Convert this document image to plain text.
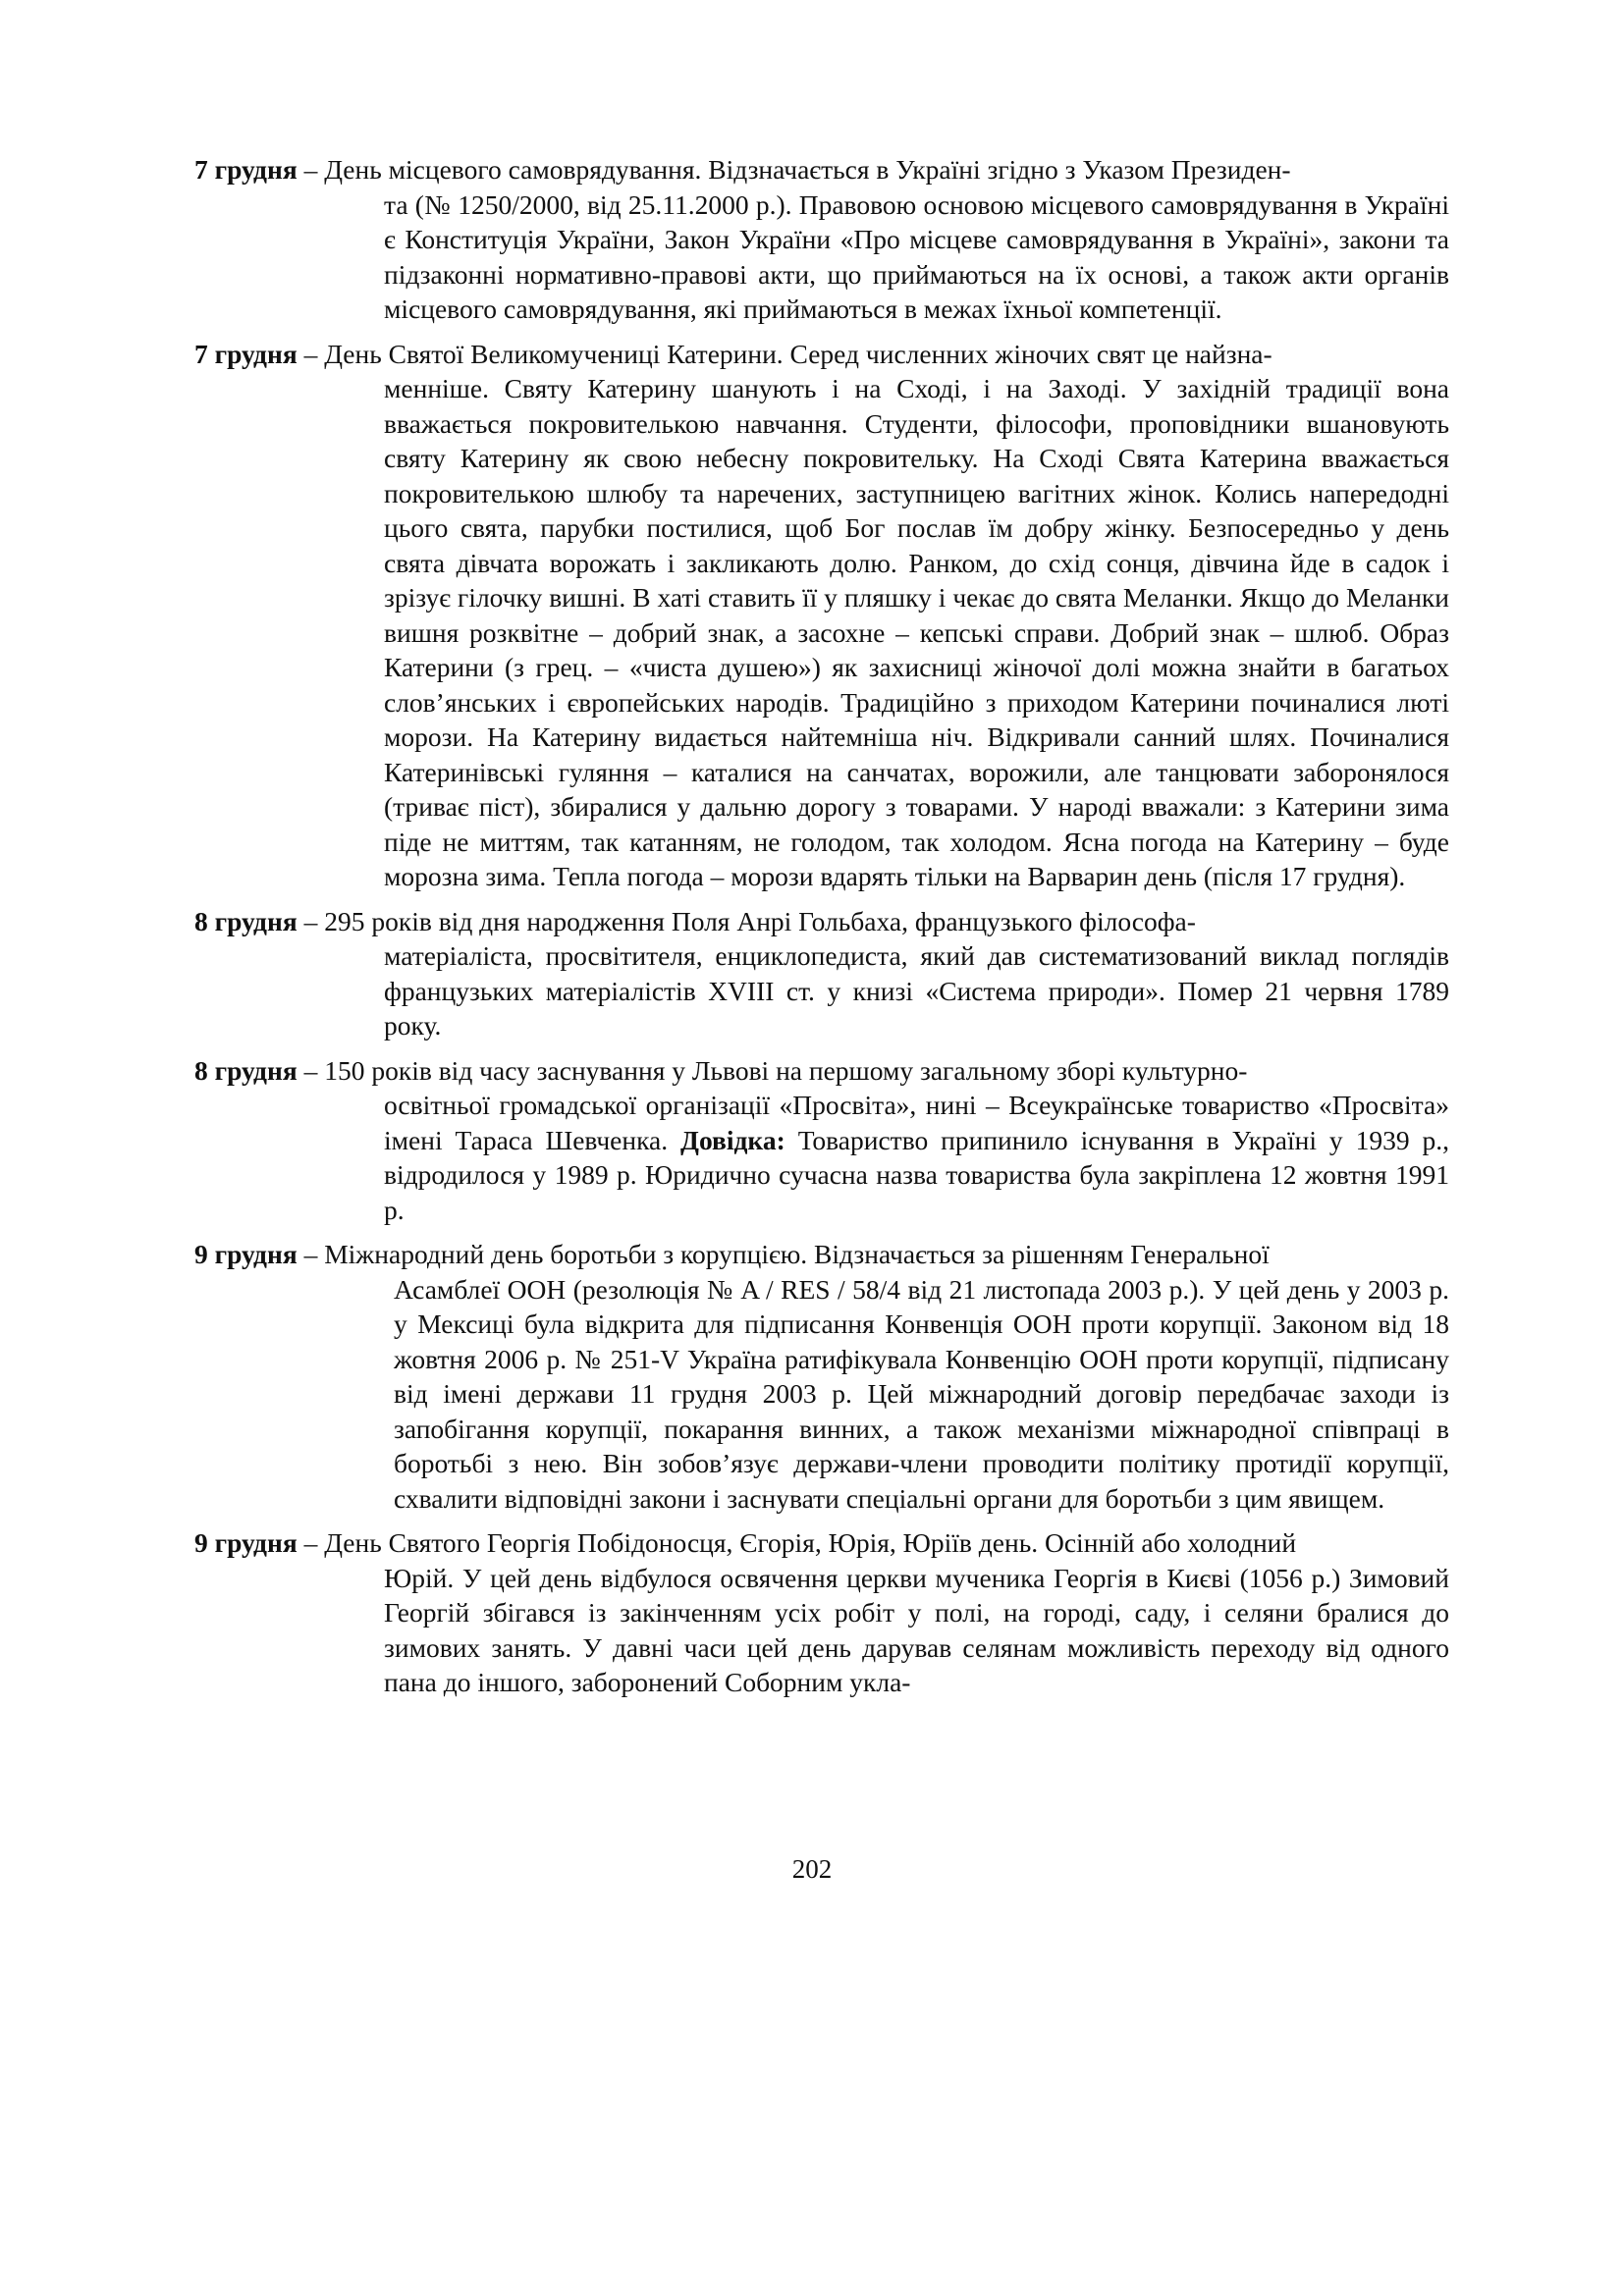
7 грудня – День місцевого самоврядування. Відзначається в Україні згідно з Указом Президен-
та (№ 1250/2000, від 25.11.2000 р.). Правовою основою місцевого самоврядування в Україні є Конституція України, Закон України «Про місцеве самоврядування в Україні», закони та підзаконні нормативно-правові акти, що приймаються на їх основі, а також акти органів місцевого самоврядування, які приймаються в межах їхньої компетенції.
7 грудня – День Святої Великомучениці Катерини. Серед численних жіночих свят це найзна-
менніше. Святу Катерину шанують і на Сході, і на Заході. У західній традиції вона вважається покровителькою навчання. Студенти, філософи, проповідники вшановують святу Катерину як свою небесну покровительку. На Сході Свята Катерина вважається покровителькою шлюбу та наречених, заступницею вагітних жінок. Колись напередодні цього свята, парубки постилися, щоб Бог послав їм добру жінку. Безпосередньо у день свята дівчата ворожать і закликають долю. Ранком, до схід сонця, дівчина йде в садок і зрізує гілочку вишні. В хаті ставить її у пляшку і чекає до свята Меланки. Якщо до Меланки вишня розквітне – добрий знак, а засохне – кепські справи. Добрий знак – шлюб. Образ Катерини (з грец. – «чиста душею») як захисниці жіночої долі можна знайти в багатьох слов’янських і європейських народів. Традиційно з приходом Катерини починалися люті морози. На Катерину видається найтемніша ніч. Відкривали санний шлях. Починалися Катеринівські гуляння – каталися на санчатах, ворожили, але танцювати заборонялося (триває піст), збиралися у дальню дорогу з товарами. У народі вважали: з Катерини зима піде не миттям, так катанням, не голодом, так холодом. Ясна погода на Катерину – буде морозна зима. Тепла погода – морози вдарять тільки на Варварин день (після 17 грудня).
8 грудня – 295 років від дня народження Поля Анрі Гольбаха, французького філософа-
матеріаліста, просвітителя, енциклопедиста, який дав систематизований виклад поглядів французьких матеріалістів XVIII ст. у книзі «Система природи». Помер 21 червня 1789 року.
8 грудня – 150 років від часу заснування у Львові на першому загальному зборі культурно-
освітньої громадської організації «Просвіта», нині – Всеукраїнське товариство «Просвіта» імені Тараса Шевченка. Довідка: Товариство припинило існування в Україні у 1939 р., відродилося у 1989 р. Юридично сучасна назва товариства була закріплена 12 жовтня 1991 р.
9 грудня – Міжнародний день боротьби з корупцією. Відзначається за рішенням Генеральної
Асамблеї ООН (резолюція № A / RES / 58/4 від 21 листопада 2003 р.). У цей день у 2003 р. у Мексиці була відкрита для підписання Конвенція ООН проти корупції. Законом від 18 жовтня 2006 р. № 251-V Україна ратифікувала Конвенцію ООН проти корупції, підписану від імені держави 11 грудня 2003 р. Цей міжнародний договір передбачає заходи із запобігання корупції, покарання винних, а також механізми міжнародної співпраці в боротьбі з нею. Він зобов’язує держави-члени проводити політику протидії корупції, схвалити відповідні закони і заснувати спеціальні органи для боротьби з цим явищем.
9 грудня – День Святого Георгія Побідоносця, Єгорія, Юрія, Юріїв день. Осінній або холодний
Юрій. У цей день відбулося освячення церкви мученика Георгія в Києві (1056 р.) Зимовий Георгій збігався із закінченням усіх робіт у полі, на городі, саду, і селяни бралися до зимових занять. У давні часи цей день дарував селянам можливість переходу від одного пана до іншого, заборонений Соборним укла-
202
